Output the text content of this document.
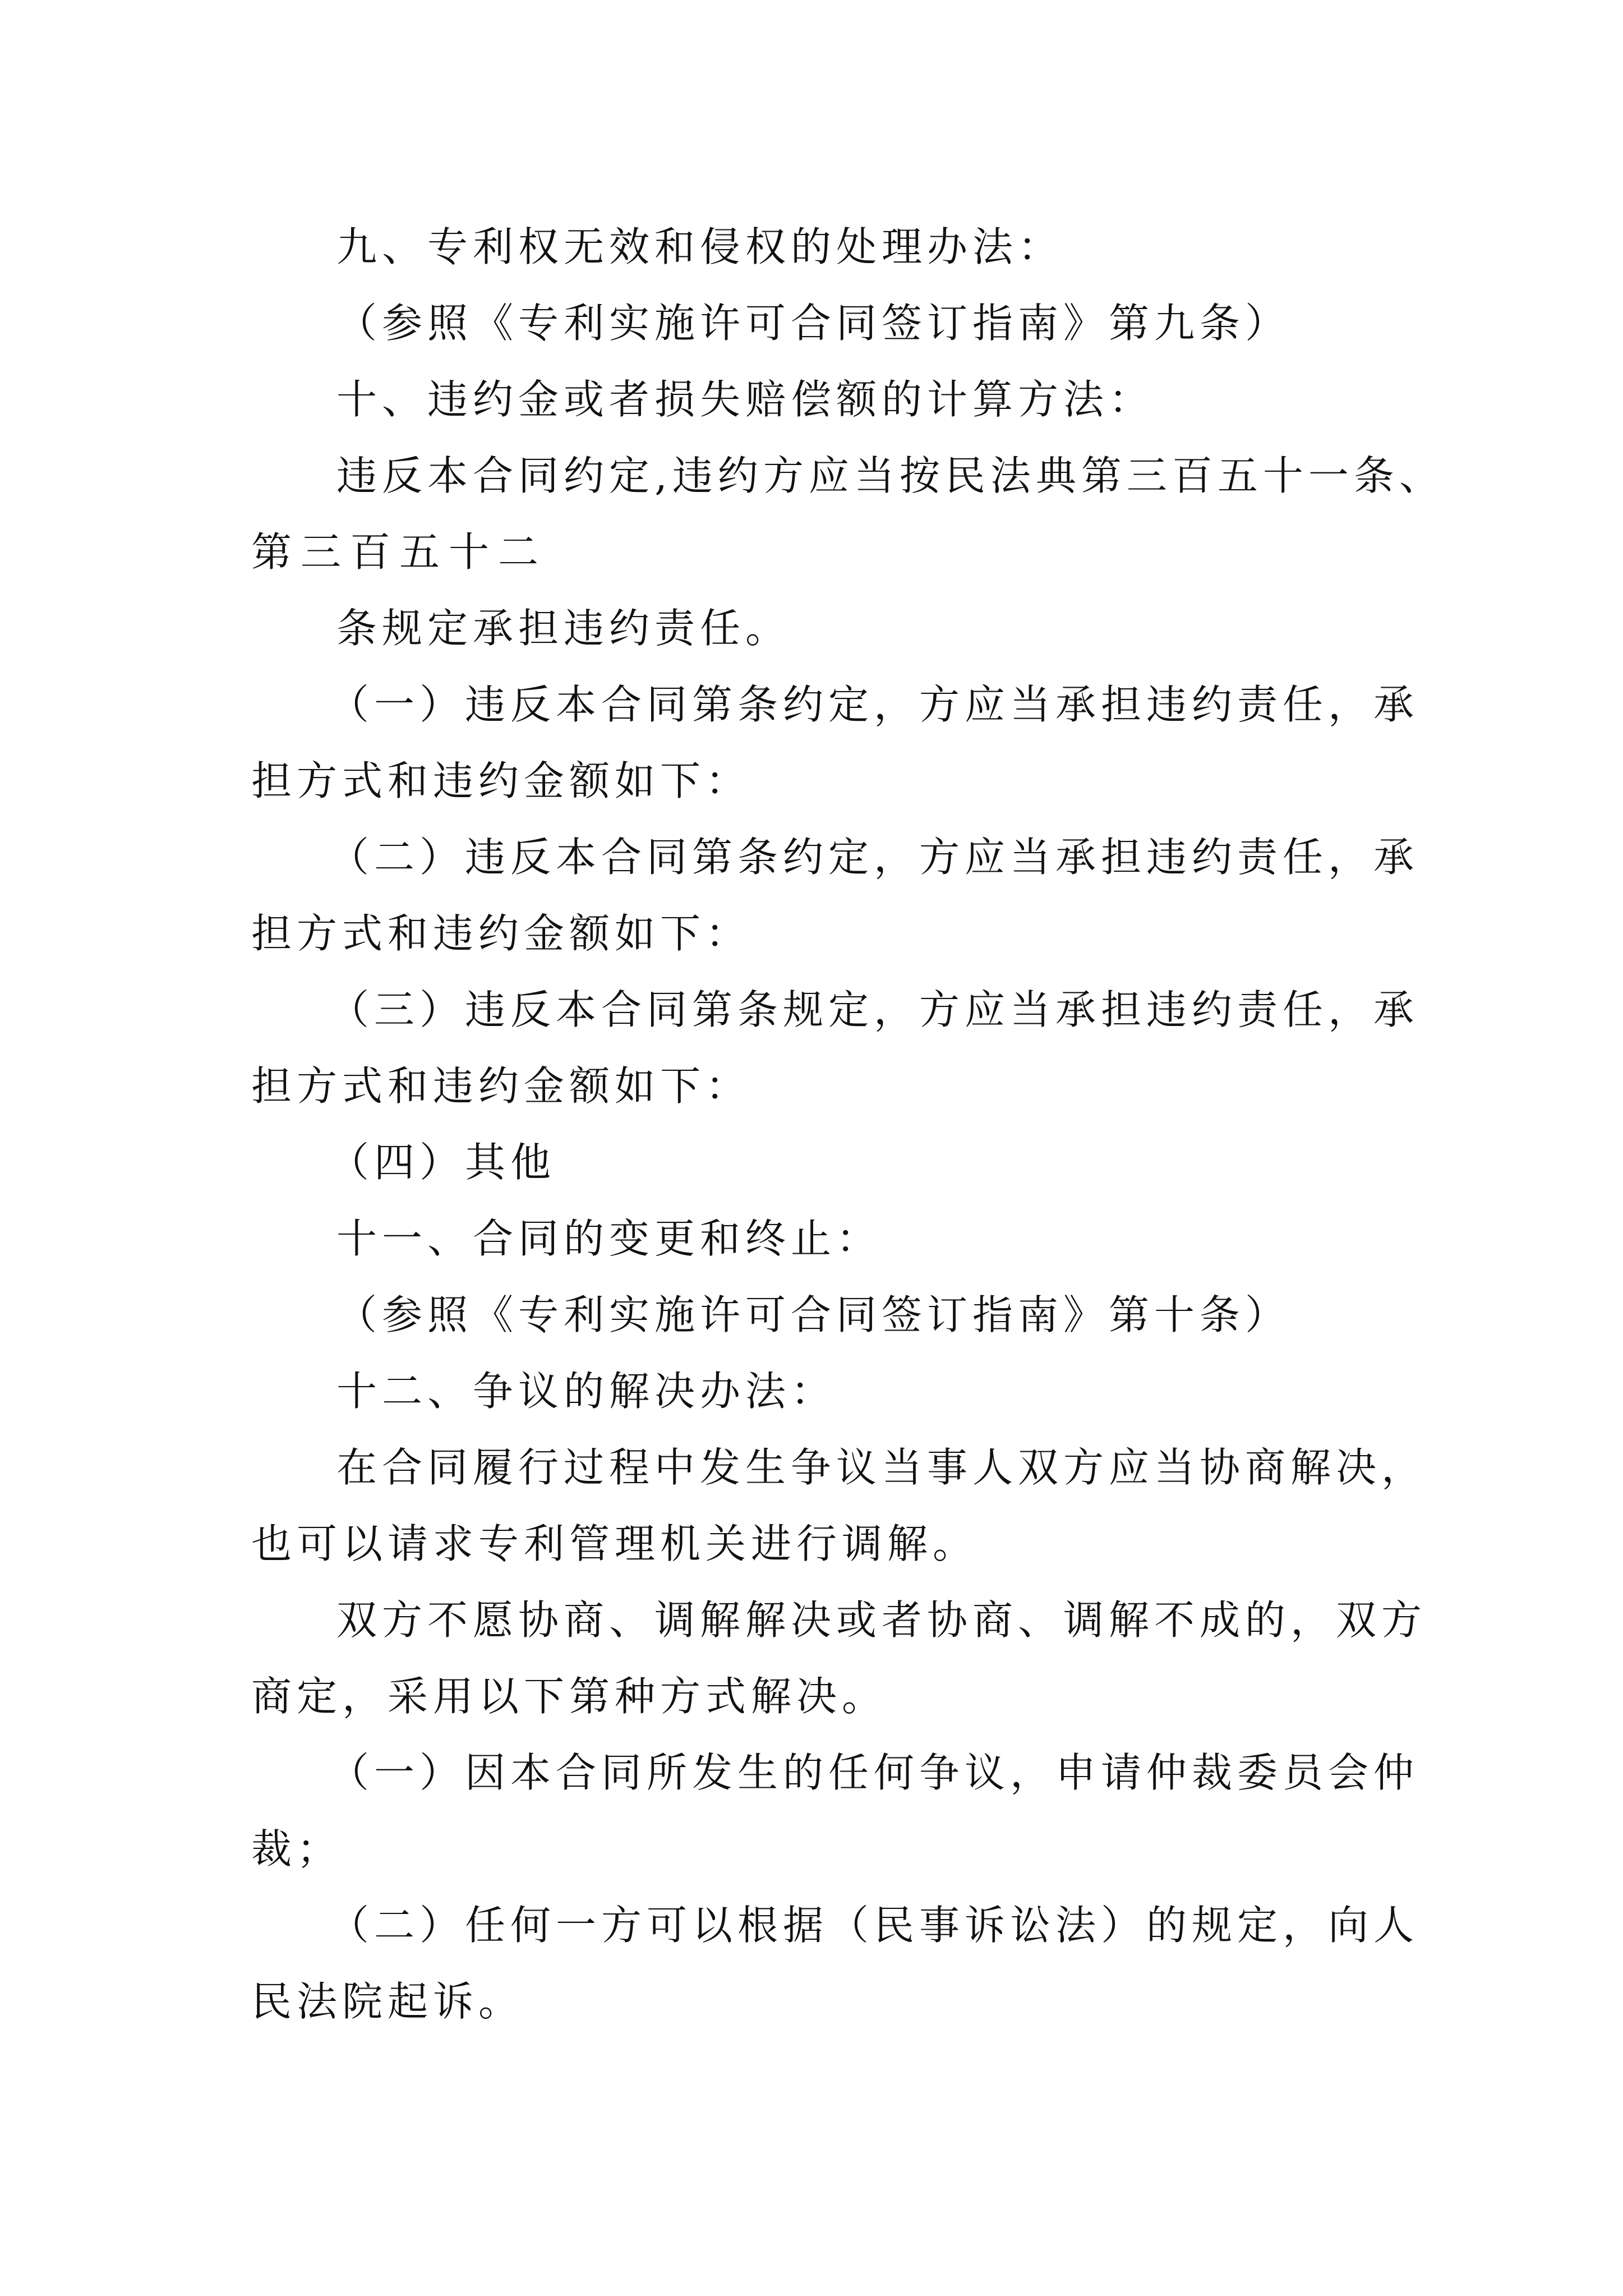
九、专利权无效和侵权的处理办法：
（参照《专利实施许可合同签订指南》第九条）
十、违约金或者损失赔偿额的计算方法：
违反本合同约定,违约方应当按民法典第三百五十一条、
第三百五十二
条规定承担违约责任。
（一）违反本合同第条约定，方应当承担违约责任，承
担方式和违约金额如下：
（二）违反本合同第条约定，方应当承担违约责任，承
担方式和违约金额如下：
（三）违反本合同第条规定，方应当承担违约责任，承
担方式和违约金额如下：
（四）其他
十一、合同的变更和终止：
（参照《专利实施许可合同签订指南》第十条）
十二、争议的解决办法：
在合同履行过程中发生争议当事人双方应当协商解决，
也可以请求专利管理机关进行调解。
双方不愿协商、调解解决或者协商、调解不成的，双方
商定，采用以下第种方式解决。
（一）因本合同所发生的任何争议，申请仲裁委员会仲
裁；
（二）任何一方可以根据（民事诉讼法）的规定，向人
民法院起诉。
